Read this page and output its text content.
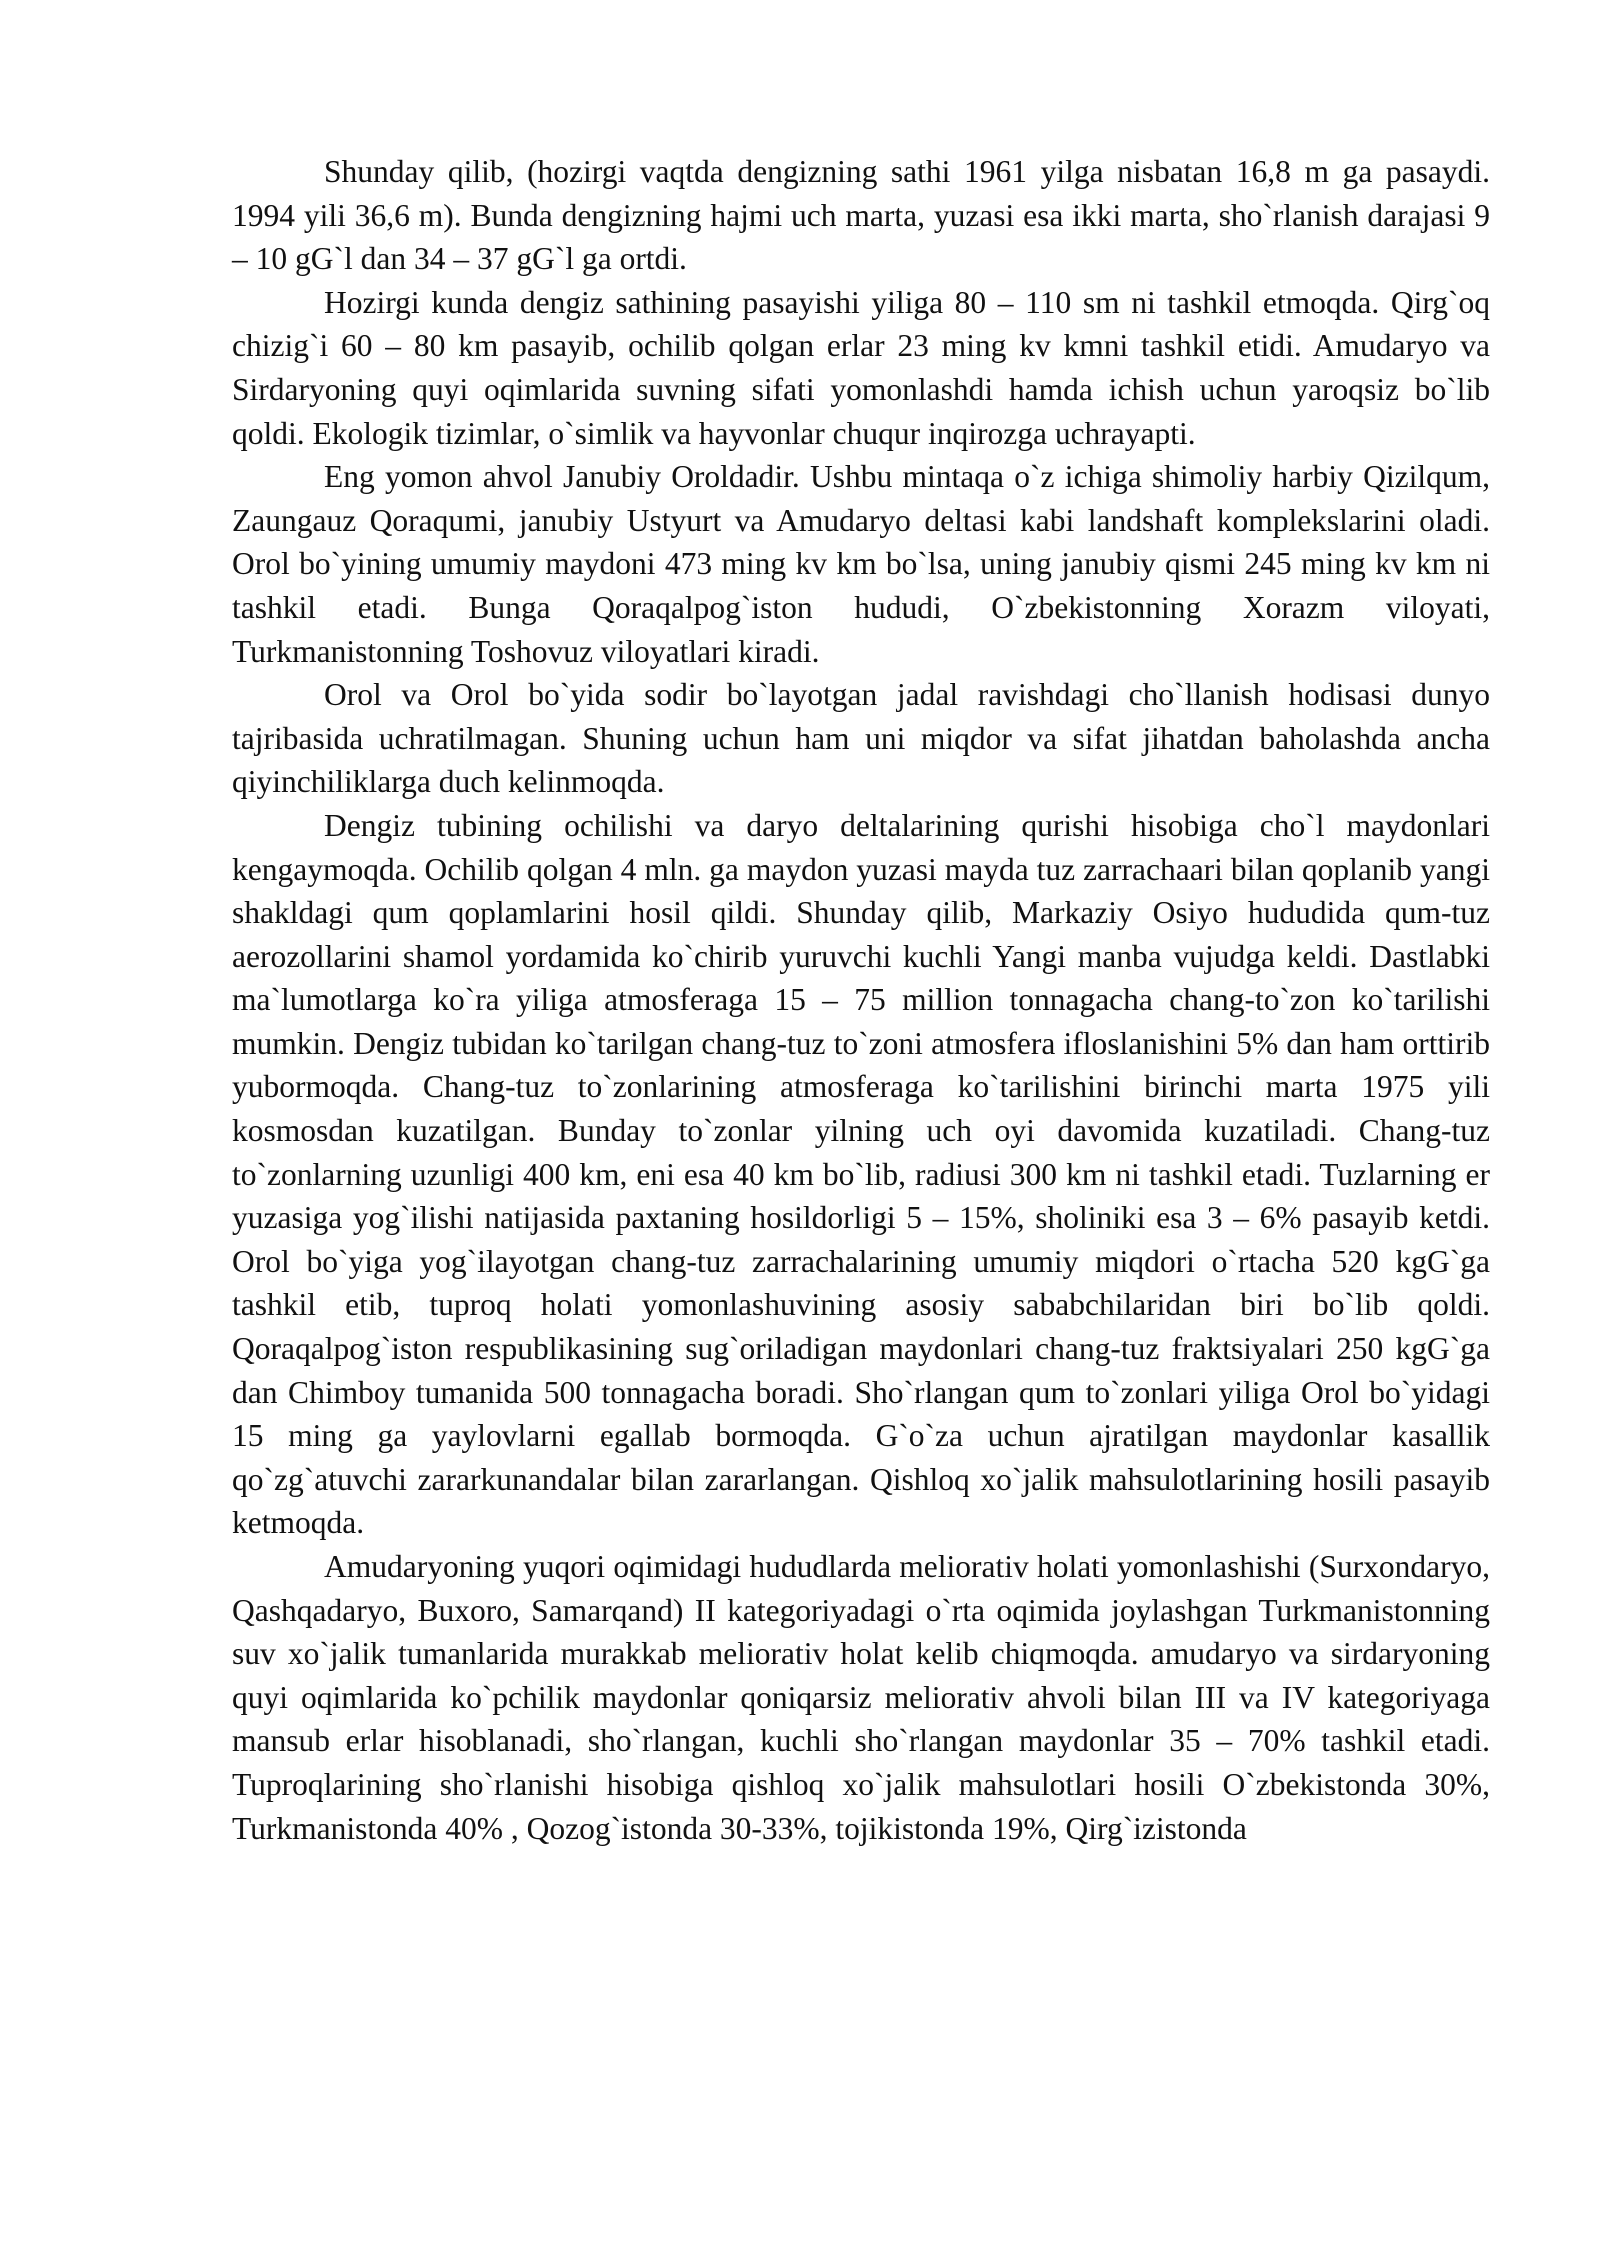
Shunday qilib, (hozirgi vaqtda dengizning sathi 1961 yilga nisbatan 16,8 m ga pasaydi. 1994 yili 36,6 m). Bunda dengizning hajmi uch marta, yuzasi esa ikki marta, sho`rlanish darajasi 9 – 10 gG`l dan 34 – 37 gG`l ga ortdi.

Hozirgi kunda dengiz sathining pasayishi yiliga 80 – 110 sm ni tashkil etmoqda. Qirg`oq chizig`i 60 – 80 km pasayib, ochilib qolgan erlar 23 ming kv kmni tashkil etidi. Amudaryo va Sirdaryoning quyi oqimlarida suvning sifati yomonlashdi hamda ichish uchun yaroqsiz bo`lib qoldi. Ekologik tizimlar, o`simlik va hayvonlar chuqur inqirozga uchrayapti.

Eng yomon ahvol Janubiy Oroldadir. Ushbu mintaqa o`z ichiga shimoliy harbiy Qizilqum, Zaungauz Qoraqumi, janubiy Ustyurt va Amudaryo deltasi kabi landshaft komplekslarini oladi. Orol bo`yining umumiy maydoni 473 ming kv km bo`lsa, uning janubiy qismi 245 ming kv km ni tashkil etadi. Bunga Qoraqalpog`iston hududi, O`zbekistonning Xorazm viloyati, Turkmanistonning Toshovuz viloyatlari kiradi.

Orol va Orol bo`yida sodir bo`layotgan jadal ravishdagi cho`llanish hodisasi dunyo tajribasida uchratilmagan. Shuning uchun ham uni miqdor va sifat jihatdan baholashda ancha qiyinchiliklarga duch kelinmoqda.

Dengiz tubining ochilishi va daryo deltalarining qurishi hisobiga cho`l maydonlari kengaymoqda. Ochilib qolgan 4 mln. ga maydon yuzasi mayda tuz zarrachaari bilan qoplanib yangi shakldagi qum qoplamlarini hosil qildi. Shunday qilib, Markaziy Osiyo hududida qum-tuz aerozollarini shamol yordamida ko`chirib yuruvchi kuchli Yangi manba vujudga keldi. Dastlabki ma`lumotlarga ko`ra yiliga atmosferaga 15 – 75 million tonnagacha chang-to`zon ko`tarilishi mumkin. Dengiz tubidan ko`tarilgan chang-tuz to`zoni atmosfera ifloslanishini 5% dan ham orttirib yubormoqda. Chang-tuz to`zonlarining atmosferaga ko`tarilishini birinchi marta 1975 yili kosmosdan kuzatilgan. Bunday to`zonlar yilning uch oyi davomida kuzatiladi. Chang-tuz to`zonlarning uzunligi 400 km, eni esa 40 km bo`lib, radiusi 300 km ni tashkil etadi. Tuzlarning er yuzasiga yog`ilishi natijasida paxtaning hosildorligi 5 – 15%, sholiniki esa 3 – 6% pasayib ketdi. Orol bo`yiga yog`ilayotgan chang-tuz zarrachalarining umumiy miqdori o`rtacha 520 kgG`ga tashkil etib, tuproq holati yomonlashuvining asosiy sababchilaridan biri bo`lib qoldi. Qoraqalpog`iston respublikasining sug`oriladigan maydonlari chang-tuz fraktsiyalari 250 kgG`ga dan Chimboy tumanida 500 tonnagacha boradi. Sho`rlangan qum to`zonlari yiliga Orol bo`yidagi 15 ming ga yaylovlarni egallab bormoqda. G`o`za uchun ajratilgan maydonlar kasallik qo`zg`atuvchi zararkunandalar bilan zararlangan. Qishloq xo`jalik mahsulotlarining hosili pasayib ketmoqda.

Amudaryoning yuqori oqimidagi hududlarda meliorativ holati yomonlashishi (Surxondaryo, Qashqadaryo, Buxoro, Samarqand) II kategoriyadagi o`rta oqimida joylashgan Turkmanistonning suv xo`jalik tumanlarida murakkab meliorativ holat kelib chiqmoqda. amudaryo va sirdaryoning quyi oqimlarida ko`pchilik maydonlar qoniqarsiz meliorativ ahvoli bilan III va IV kategoriyaga mansub erlar hisoblanadi, sho`rlangan, kuchli sho`rlangan maydonlar 35 – 70% tashkil etadi. Tuproqlarining sho`rlanishi hisobiga qishloq xo`jalik mahsulotlari hosili O`zbekistonda 30%, Turkmanistonda 40% , Qozog`istonda 30-33%, tojikistonda 19%, Qirg`izistonda
